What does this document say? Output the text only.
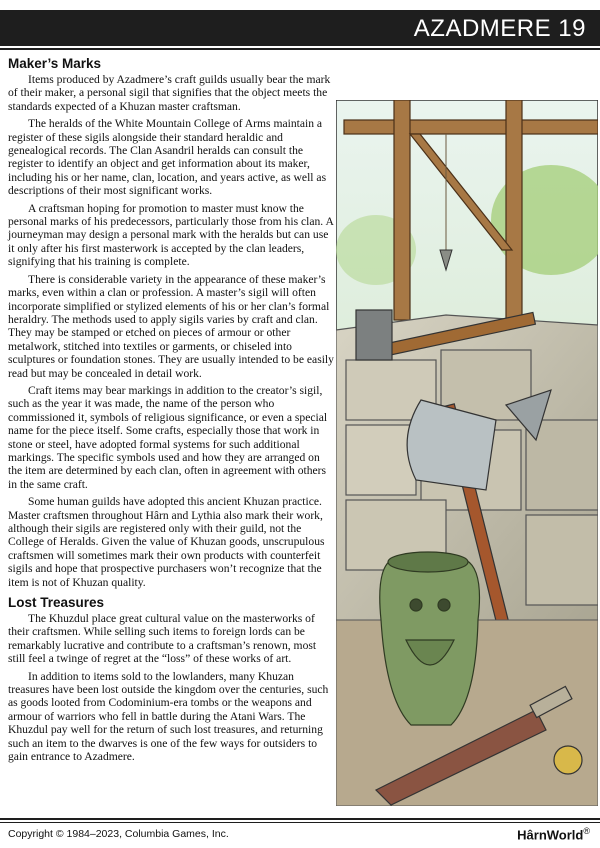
AZADMERE 19
Maker’s Marks

Items produced by Azadmere’s craft guilds usually bear the mark of their maker, a personal sigil that signifies that the object meets the standards expected of a Khuzan master craftsman.

The heralds of the White Mountain College of Arms maintain a register of these sigils alongside their standard heraldic and genealogical records. The Clan Asandril heralds can consult the register to identify an object and get information about its maker, including his or her name, clan, location, and years active, as well as descriptions of their most significant works.

A craftsman hoping for promotion to master must know the personal marks of his predecessors, particularly those from his clan. A journeyman may design a personal mark with the heralds but can use it only after his first masterwork is accepted by the clan leaders, signifying that his training is complete.

There is considerable variety in the appearance of these maker’s marks, even within a clan or profession. A master’s sigil will often incorporate simplified or stylized elements of his or her clan’s formal heraldry. The methods used to apply sigils varies by craft and clan. They may be stamped or etched on pieces of armour or other metalwork, stitched into textiles or garments, or chiseled into sculptures or foundation stones. They are usually intended to be easily read but may be concealed in detail work.

Craft items may bear markings in addition to the creator’s sigil, such as the year it was made, the name of the person who commissioned it, symbols of religious significance, or even a special name for the piece itself. Some crafts, especially those that work in stone or steel, have adopted formal systems for such additional markings. The specific symbols used and how they are arranged on the item are determined by each clan, often in agreement with others in the same craft.

Some human guilds have adopted this ancient Khuzan practice. Master craftsmen throughout Hârn and Lythia also mark their work, although their sigils are registered only with their guild, not the College of Heralds. Given the value of Khuzan goods, unscrupulous craftsmen will sometimes mark their own products with counterfeit sigils and hope that prospective purchasers won’t recognize that the item is not of Khuzan quality.

Lost Treasures

The Khuzdul place great cultural value on the masterworks of their craftsmen. While selling such items to foreign lords can be remarkably lucrative and contribute to a craftsman’s renown, most still feel a twinge of regret at the “loss” of these works of art.

In addition to items sold to the lowlanders, many Khuzan treasures have been lost outside the kingdom over the centuries, such as goods looted from Codominium-era tombs or the weapons and armour of warriors who fell in battle during the Atani Wars. The Khuzdul pay well for the return of such lost treasures, and returning such an item to the dwarves is one of the few ways for outsiders to gain entrance to Azadmere.

Copyright © 1984–2023, Columbia Games, Inc.	HârnWorld®
